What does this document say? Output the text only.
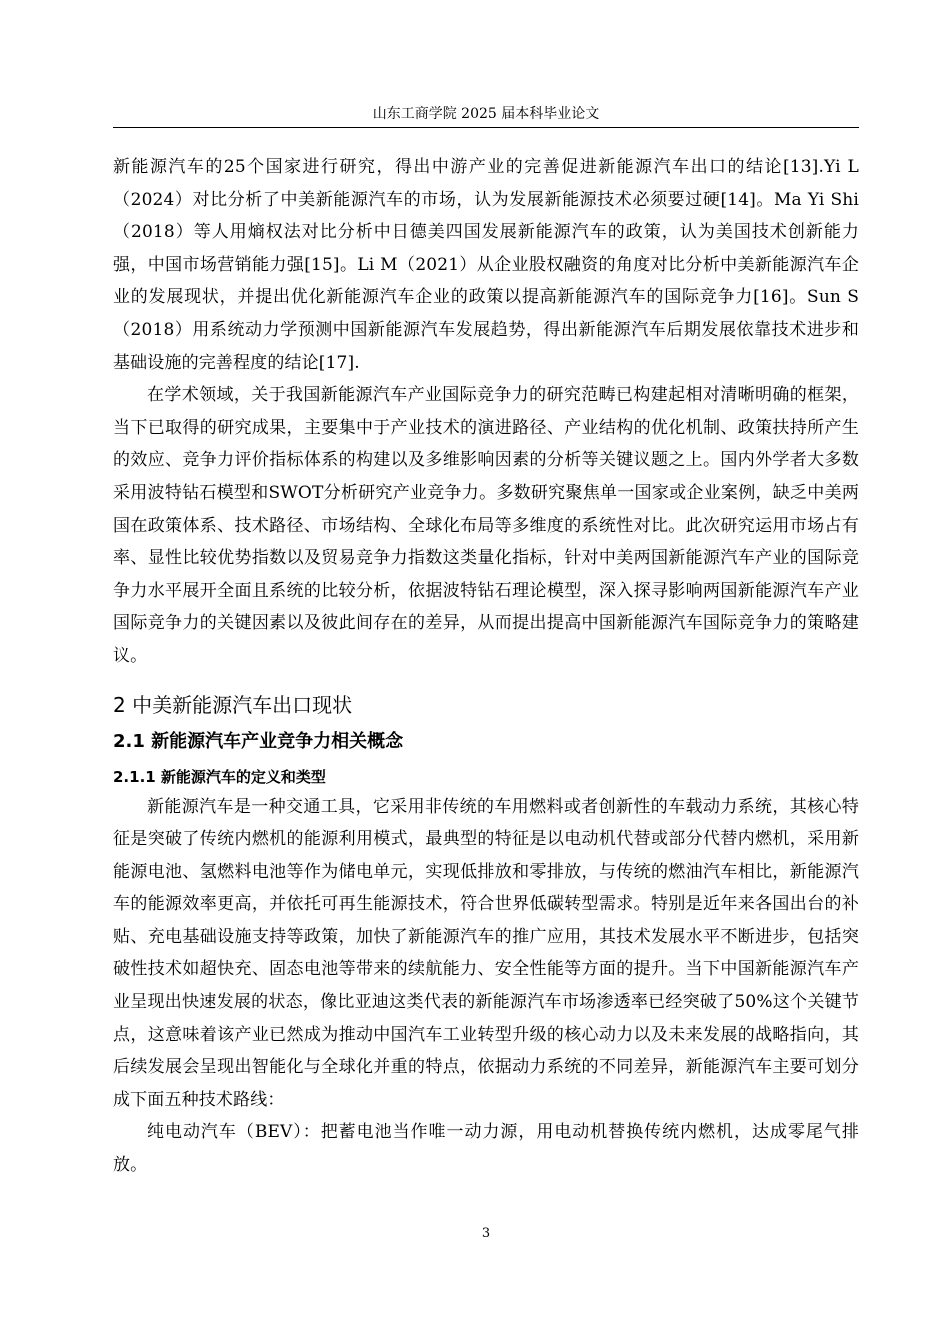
山东工商学院 2025 届本科毕业论文

新能源汽车的25个国家进行研究，得出中游产业的完善促进新能源汽车出口的结论[13].Yi L（2024）对比分析了中美新能源汽车的市场，认为发展新能源技术必须要过硬[14]。Ma Yi Shi（2018）等人用熵权法对比分析中日德美四国发展新能源汽车的政策，认为美国技术创新能力强，中国市场营销能力强[15]。Li M（2021）从企业股权融资的角度对比分析中美新能源汽车企业的发展现状，并提出优化新能源汽车企业的政策以提高新能源汽车的国际竞争力[16]。Sun S（2018）用系统动力学预测中国新能源汽车发展趋势，得出新能源汽车后期发展依靠技术进步和基础设施的完善程度的结论[17].

在学术领域，关于我国新能源汽车产业国际竞争力的研究范畴已构建起相对清晰明确的框架，当下已取得的研究成果，主要集中于产业技术的演进路径、产业结构的优化机制、政策扶持所产生的效应、竞争力评价指标体系的构建以及多维影响因素的分析等关键议题之上。国内外学者大多数采用波特钻石模型和SWOT分析研究产业竞争力。多数研究聚焦单一国家或企业案例，缺乏中美两国在政策体系、技术路径、市场结构、全球化布局等多维度的系统性对比。此次研究运用市场占有率、显性比较优势指数以及贸易竞争力指数这类量化指标，针对中美两国新能源汽车产业的国际竞争力水平展开全面且系统的比较分析，依据波特钻石理论模型，深入探寻影响两国新能源汽车产业国际竞争力的关键因素以及彼此间存在的差异，从而提出提高中国新能源汽车国际竞争力的策略建议。

2 中美新能源汽车出口现状
2.1 新能源汽车产业竞争力相关概念
2.1.1 新能源汽车的定义和类型

新能源汽车是一种交通工具，它采用非传统的车用燃料或者创新性的车载动力系统，其核心特征是突破了传统内燃机的能源利用模式，最典型的特征是以电动机代替或部分代替内燃机，采用新能源电池、氢燃料电池等作为储电单元，实现低排放和零排放，与传统的燃油汽车相比，新能源汽车的能源效率更高，并依托可再生能源技术，符合世界低碳转型需求。特别是近年来各国出台的补贴、充电基础设施支持等政策，加快了新能源汽车的推广应用，其技术发展水平不断进步，包括突破性技术如超快充、固态电池等带来的续航能力、安全性能等方面的提升。当下中国新能源汽车产业呈现出快速发展的状态，像比亚迪这类代表的新能源汽车市场渗透率已经突破了50%这个关键节点，这意味着该产业已然成为推动中国汽车工业转型升级的核心动力以及未来发展的战略指向，其后续发展会呈现出智能化与全球化并重的特点，依据动力系统的不同差异，新能源汽车主要可划分成下面五种技术路线：

纯电动汽车（BEV）：把蓄电池当作唯一动力源，用电动机替换传统内燃机，达成零尾气排放。

3
